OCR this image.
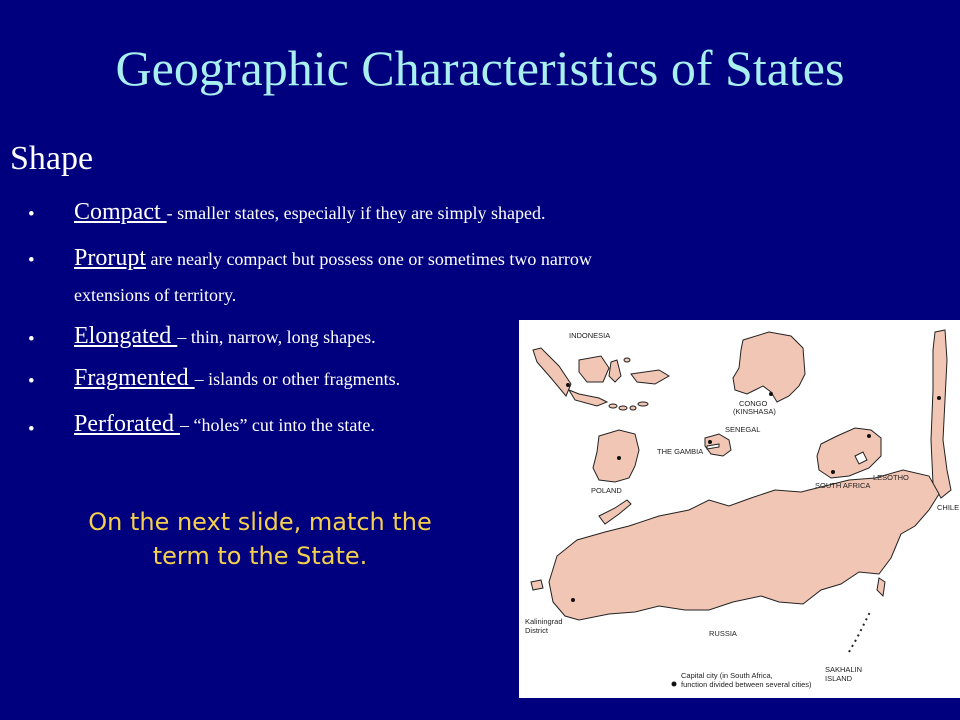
Geographic Characteristics of States
Shape
• Compact - smaller states, especially if they are simply shaped.
• Prorupt are nearly compact but possess one or sometimes two narrow
extensions of territory.
• Elongated – thin, narrow, long shapes.
• Fragmented – islands or other fragments.
• Perforated – “holes” cut into the state.
On the next slide, match the
term to the State.
INDONESIA
CONGO
(KINSHASA)
SENEGAL
THE GAMBIA
POLAND
SOUTH AFRICA
LESOTHO
CHILE
Kaliningrad
District	RUSSIA
SAKHALIN
ISLAND
Capital city (in South Africa,
function divided between several cities)
